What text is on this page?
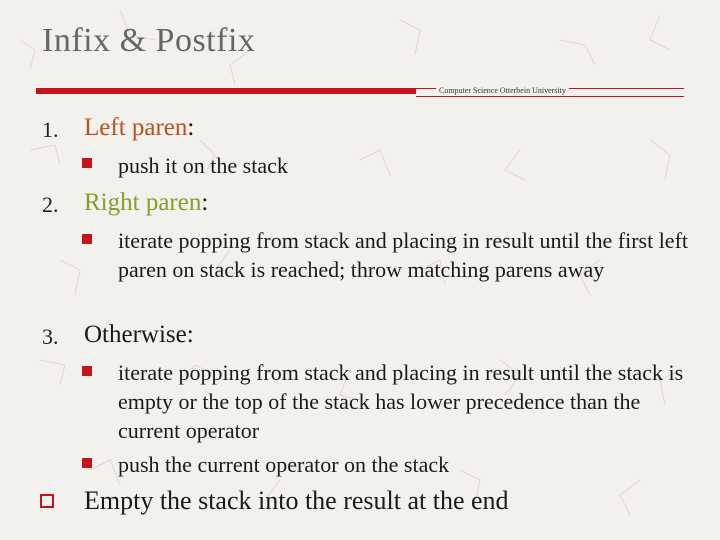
Infix & Postfix
Computer Science Otterbein University
1. Left paren:
push it on the stack
2. Right paren:
iterate popping from stack and placing in result until the first left paren on stack is reached; throw matching parens away
3. Otherwise:
iterate popping from stack and placing in result until the stack is empty or the top of the stack has lower precedence than the current operator
push the current operator on the stack
Empty the stack into the result at the end
